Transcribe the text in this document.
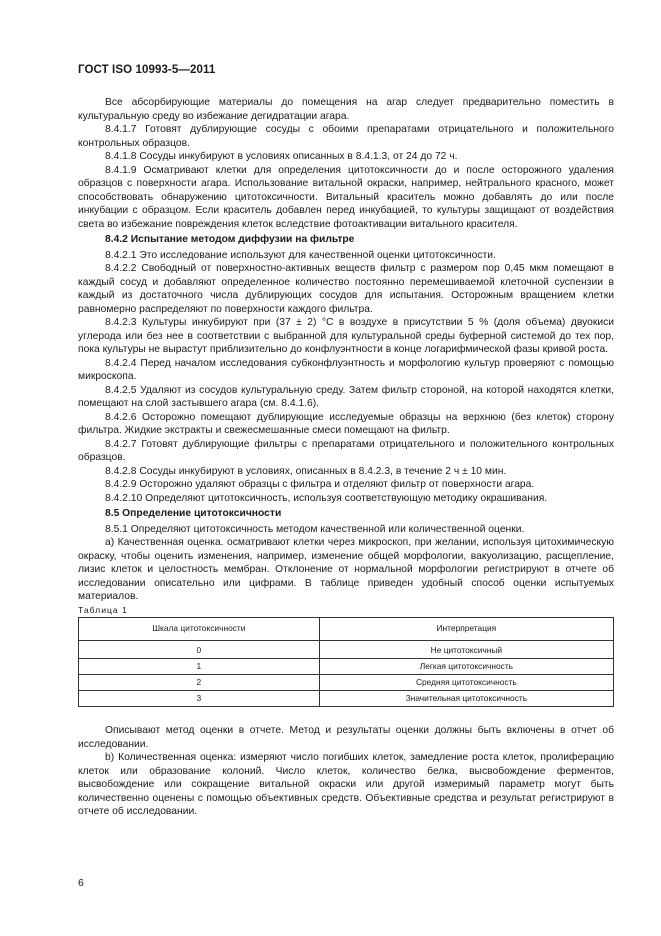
ГОСТ ISO 10993-5—2011

Все абсорбирующие материалы до помещения на агар следует предварительно поместить в культуральную среду во избежание дегидратации агара.

8.4.1.7 Готовят дублирующие сосуды с обоими препаратами отрицательного и положительного контрольных образцов.

8.4.1.8 Сосуды инкубируют в условиях описанных в 8.4.1.3, от 24 до 72 ч.

8.4.1.9 Осматривают клетки для определения цитотоксичности до и после осторожного удаления образцов с поверхности агара. Использование витальной окраски, например, нейтрального красного, может способствовать обнаружению цитотоксичности. Витальный краситель можно добавлять до или после инкубации с образцом. Если краситель добавлен перед инкубацией, то культуры защищают от воздействия света во избежание повреждения клеток вследствие фотоактивации витального красителя.

8.4.2 Испытание методом диффузии на фильтре

8.4.2.1 Это исследование используют для качественной оценки цитотоксичности.

8.4.2.2 Свободный от поверхностно-активных веществ фильтр с размером пор 0,45 мкм помещают в каждый сосуд и добавляют определенное количество постоянно перемешиваемой клеточной суспензии в каждый из достаточного числа дублирующих сосудов для испытания. Осторожным вращением клетки равномерно распределяют по поверхности каждого фильтра.

8.4.2.3 Культуры инкубируют при (37 ± 2) °С в воздухе в присутствии 5 % (доля объема) двуокиси углерода или без нее в соответствии с выбранной для культуральной среды буферной системой до тех пор, пока культуры не вырастут приблизительно до конфлуэнтности в конце логарифмической фазы кривой роста.

8.4.2.4 Перед началом исследования субконфлуэнтность и морфологию культур проверяют с помощью микроскопа.

8.4.2.5 Удаляют из сосудов культуральную среду. Затем фильтр стороной, на которой находятся клетки, помещают на слой застывшего агара (см. 8.4.1.6).

8.4.2.6 Осторожно помещают дублирующие исследуемые образцы на верхнюю (без клеток) сторону фильтра. Жидкие экстракты и свежесмешанные смеси помещают на фильтр.

8.4.2.7 Готовят дублирующие фильтры с препаратами отрицательного и положительного контрольных образцов.

8.4.2.8 Сосуды инкубируют в условиях, описанных в 8.4.2.3, в течение 2 ч ± 10 мин.

8.4.2.9 Осторожно удаляют образцы с фильтра и отделяют фильтр от поверхности агара.

8.4.2.10 Определяют цитотоксичность, используя соответствующую методику окрашивания.

8.5 Определение цитотоксичности

8.5.1 Определяют цитотоксичность методом качественной или количественной оценки.

а) Качественная оценка. осматривают клетки через микроскоп, при желании, используя цитохимическую окраску, чтобы оценить изменения, например, изменение общей морфологии, вакуолизацию, расщепление, лизис клеток и целостность мембран. Отклонение от нормальной морфологии регистрируют в отчете об исследовании описательно или цифрами. В таблице приведен удобный способ оценки испытуемых материалов.

Таблица 1

Шкала цитотоксичности	Интерпретация
0	Не цитотоксичный
1	Легкая цитотоксичность
2	Средняя цитотоксичность
3	Значительная цитотоксичность

Описывают метод оценки в отчете. Метод и результаты оценки должны быть включены в отчет об исследовании.

b) Количественная оценка: измеряют число погибших клеток, замедление роста клеток, пролиферацию клеток или образование колоний. Число клеток, количество белка, высвобождение ферментов, высвобождение или сокращение витальной окраски или другой измеримый параметр могут быть количественно оценены с помощью объективных средств. Объективные средства и результат регистрируют в отчете об исследовании.

6
